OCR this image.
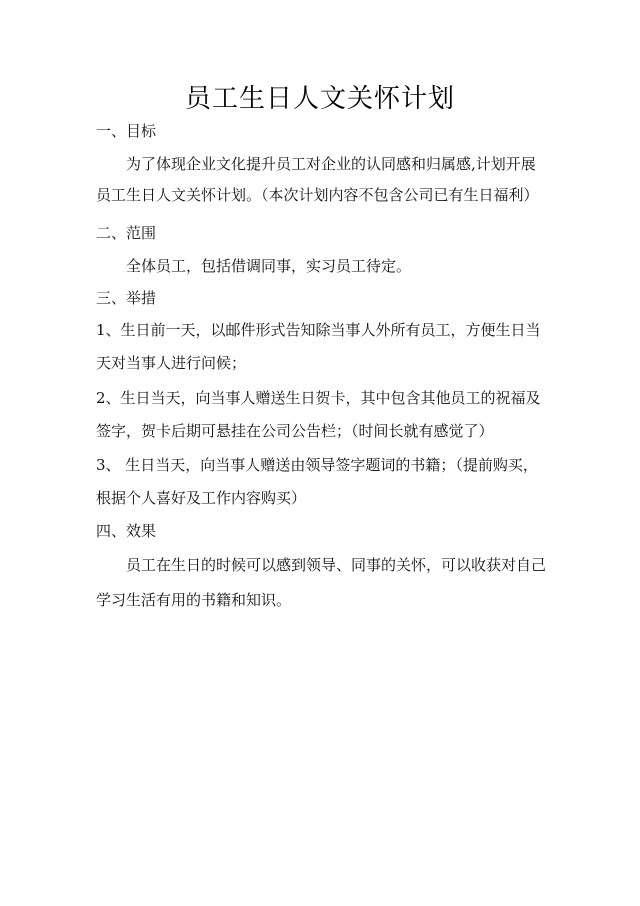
员工生日人文关怀计划
一、目标
为了体现企业文化提升员工对企业的认同感和归属感,计划开展
员工生日人文关怀计划。（本次计划内容不包含公司已有生日福利）
二、范围
全体员工，包括借调同事，实习员工待定。
三、举措
1、生日前一天，以邮件形式告知除当事人外所有员工，方便生日当
天对当事人进行问候；
2、生日当天，向当事人赠送生日贺卡，其中包含其他员工的祝福及
签字，贺卡后期可悬挂在公司公告栏；（时间长就有感觉了）
3、 生日当天，向当事人赠送由领导签字题词的书籍；（提前购买，
根据个人喜好及工作内容购买）
四、效果
员工在生日的时候可以感到领导、同事的关怀，可以收获对自己
学习生活有用的书籍和知识。
